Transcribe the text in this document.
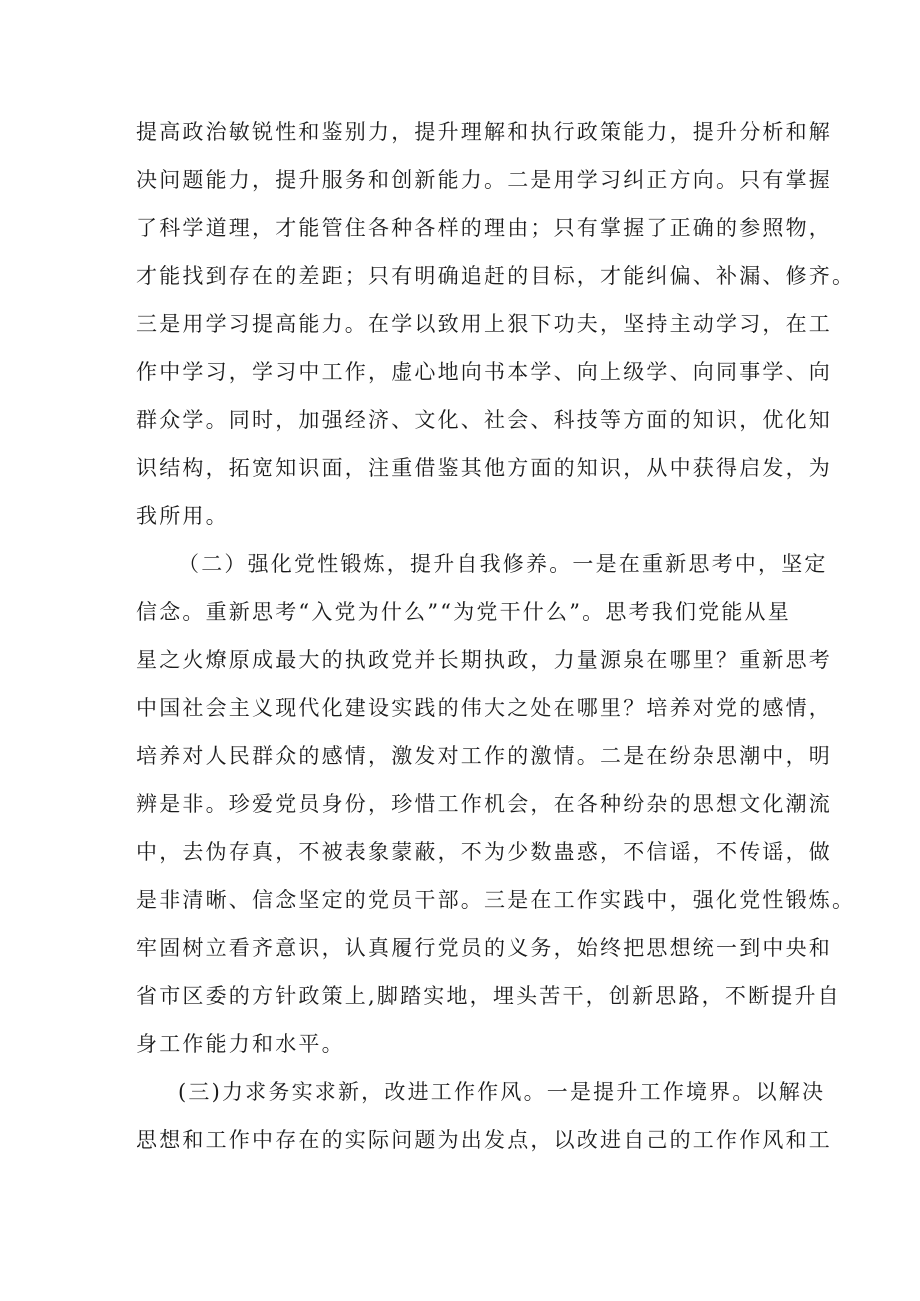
提高政治敏锐性和鉴别力，提升理解和执行政策能力，提升分析和解
决问题能力，提升服务和创新能力。二是用学习纠正方向。只有掌握
了科学道理，才能管住各种各样的理由；只有掌握了正确的参照物，
才能找到存在的差距；只有明确追赶的目标，才能纠偏、补漏、修齐。
三是用学习提高能力。在学以致用上狠下功夫，坚持主动学习，在工
作中学习，学习中工作，虚心地向书本学、向上级学、向同事学、向
群众学。同时，加强经济、文化、社会、科技等方面的知识，优化知
识结构，拓宽知识面，注重借鉴其他方面的知识，从中获得启发，为
我所用。
（二）强化党性锻炼，提升自我修养。一是在重新思考中，坚定
信念。重新思考“入党为什么”“为党干什么”。思考我们党能从星
星之火燎原成最大的执政党并长期执政，力量源泉在哪里？重新思考
中国社会主义现代化建设实践的伟大之处在哪里？培养对党的感情，
培养对人民群众的感情，激发对工作的激情。二是在纷杂思潮中，明
辨是非。珍爱党员身份，珍惜工作机会，在各种纷杂的思想文化潮流
中，去伪存真，不被表象蒙蔽，不为少数蛊惑，不信谣，不传谣，做
是非清晰、信念坚定的党员干部。三是在工作实践中，强化党性锻炼。
牢固树立看齐意识，认真履行党员的义务，始终把思想统一到中央和
省市区委的方针政策上,脚踏实地，埋头苦干，创新思路，不断提升自
身工作能力和水平。
(三)力求务实求新，改进工作作风。一是提升工作境界。以解决
思想和工作中存在的实际问题为出发点，以改进自己的工作作风和工
